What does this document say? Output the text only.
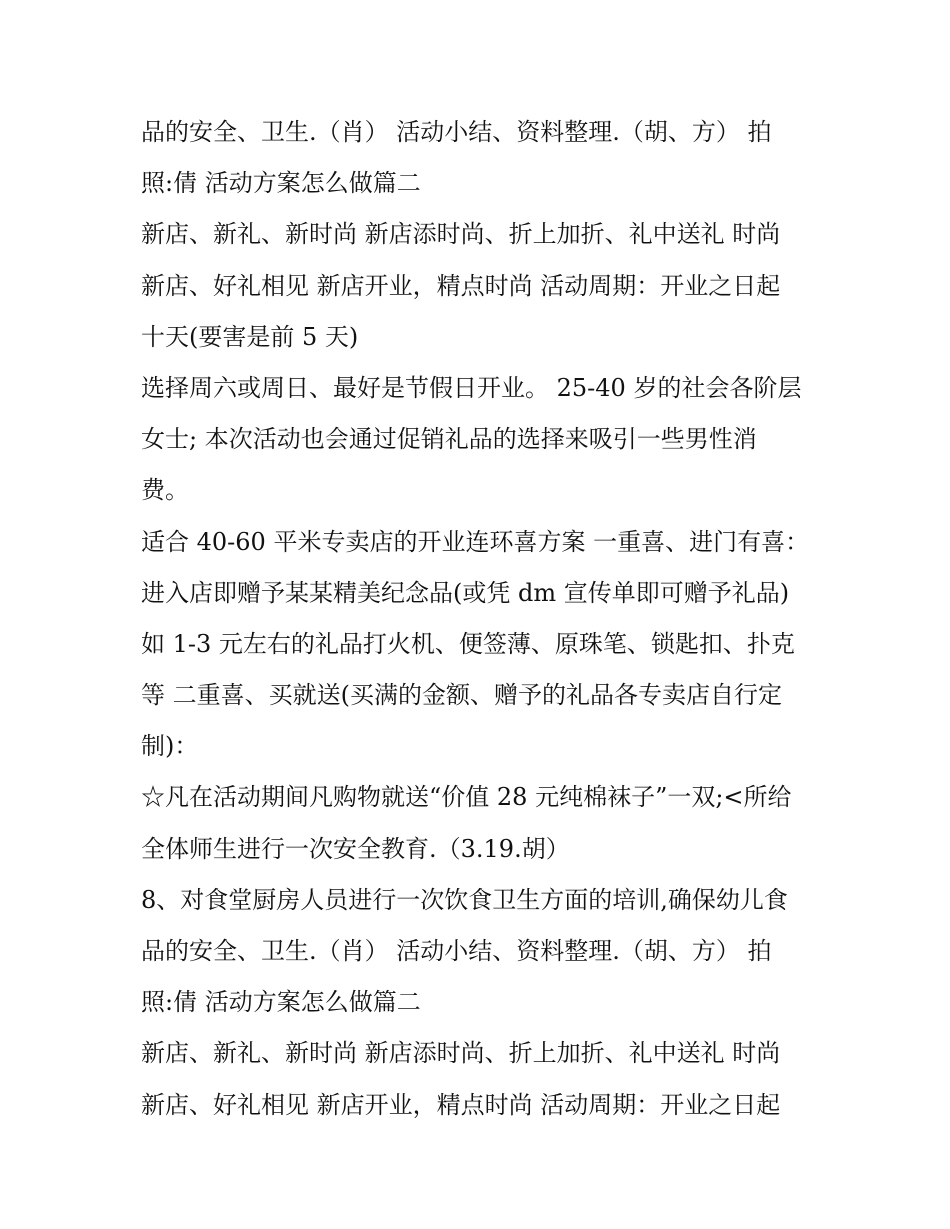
品的安全、卫生.（肖） 活动小结、资料整理.（胡、方） 拍
照:倩 活动方案怎么做篇二
新店、新礼、新时尚 新店添时尚、折上加折、礼中送礼 时尚
新店、好礼相见 新店开业，精点时尚 活动周期：开业之日起
十天(要害是前 5 天)
选择周六或周日、最好是节假日开业。 25-40 岁的社会各阶层
女士; 本次活动也会通过促销礼品的选择来吸引一些男性消
费。
适合 40-60 平米专卖店的开业连环喜方案 一重喜、进门有喜：
进入店即赠予某某精美纪念品(或凭 dm 宣传单即可赠予礼品)
如 1-3 元左右的礼品打火机、便签薄、原珠笔、锁匙扣、扑克
等 二重喜、买就送(买满的金额、赠予的礼品各专卖店自行定
制)：
☆凡在活动期间凡购物就送“价值 28 元纯棉袜子”一双;<所给
全体师生进行一次安全教育.（3.19.胡）
8、对食堂厨房人员进行一次饮食卫生方面的培训,确保幼儿食
品的安全、卫生.（肖） 活动小结、资料整理.（胡、方） 拍
照:倩 活动方案怎么做篇二
新店、新礼、新时尚 新店添时尚、折上加折、礼中送礼 时尚
新店、好礼相见 新店开业，精点时尚 活动周期：开业之日起
